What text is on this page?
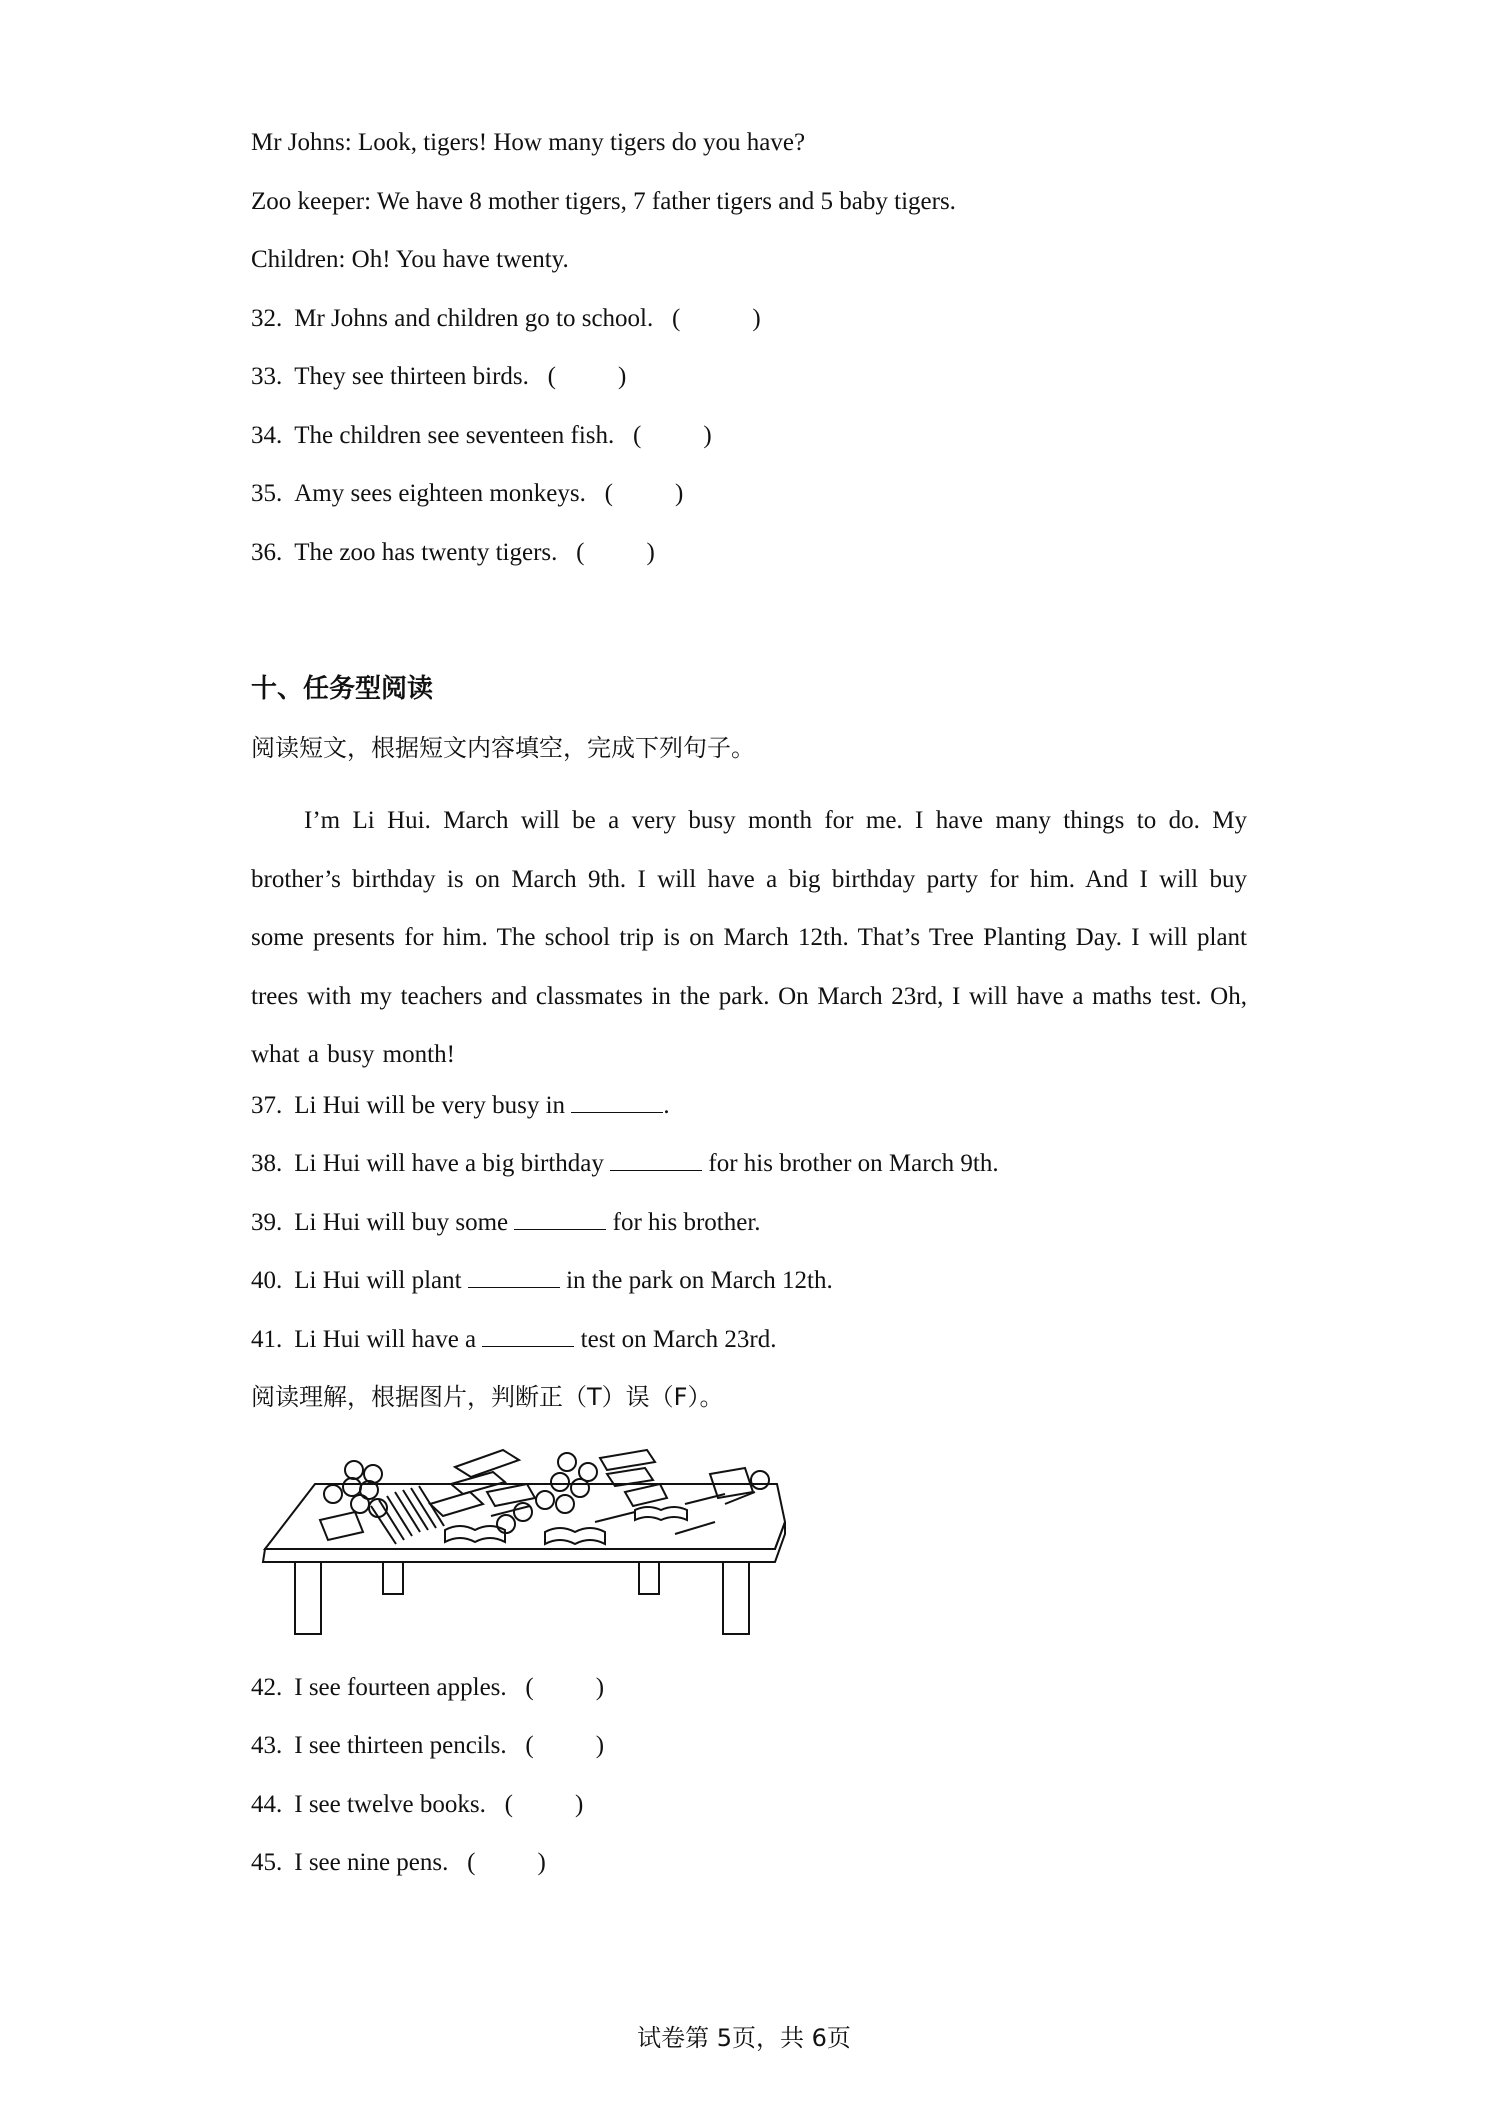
Mr Johns: Look, tigers! How many tigers do you have?
Zoo keeper: We have 8 mother tigers, 7 father tigers and 5 baby tigers.
Children: Oh! You have twenty.
32. Mr Johns and children go to school.   (	)
33. They see thirteen birds.   ( )
34. The children see seventeen fish.   ( )
35. Amy sees eighteen monkeys.   ( )
36. The zoo has twenty tigers.   ( )
十、任务型阅读
阅读短文，根据短文内容填空，完成下列句子。
I’m Li Hui. March will be a very busy month for me. I have many things to do. My brother’s birthday is on March 9th. I will have a big birthday party for him. And I will buy some presents for him. The school trip is on March 12th. That’s Tree Planting Day. I will plant trees with my teachers and classmates in the park. On March 23rd, I will have a maths test. Oh, what a busy month!
37. Li Hui will be very busy in	.
38. Li Hui will have a big birthday	for his brother on March 9th.
39. Li Hui will buy some	for his brother.
40. Li Hui will plant	in the park on March 12th.
41. Li Hui will have a	test on March 23rd.
阅读理解，根据图片，判断正（T）误（F）。
42. I see fourteen apples.   ( )
43. I see thirteen pencils.   ( )
44. I see twelve books.   ( )
45. I see nine pens.   ( )
试卷第 5页，共 6页
